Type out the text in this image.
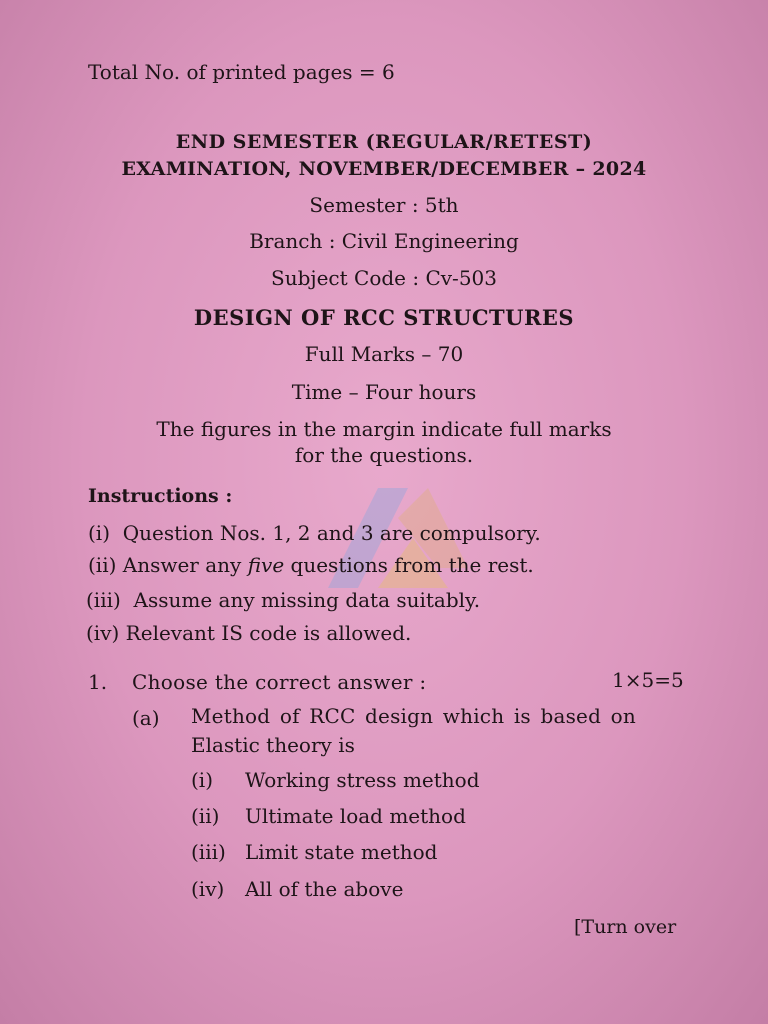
Total No. of printed pages = 6
END SEMESTER (REGULAR/RETEST)
EXAMINATION, NOVEMBER/DECEMBER – 2024
Semester : 5th
Branch : Civil Engineering
Subject Code : Cv-503
DESIGN OF RCC STRUCTURES
Full Marks – 70
Time – Four hours
The figures in the margin indicate full marks
for the questions.
Instructions :
(i) Question Nos. 1, 2 and 3 are compulsory.
(ii) Answer any five questions from the rest.
(iii) Assume any missing data suitably.
(iv) Relevant IS code is allowed.
1. Choose the correct answer :	1×5=5
(a) Method of RCC design which is based on
Elastic theory is
(i) Working stress method
(ii) Ultimate load method
(iii) Limit state method
(iv) All of the above
[Turn over
